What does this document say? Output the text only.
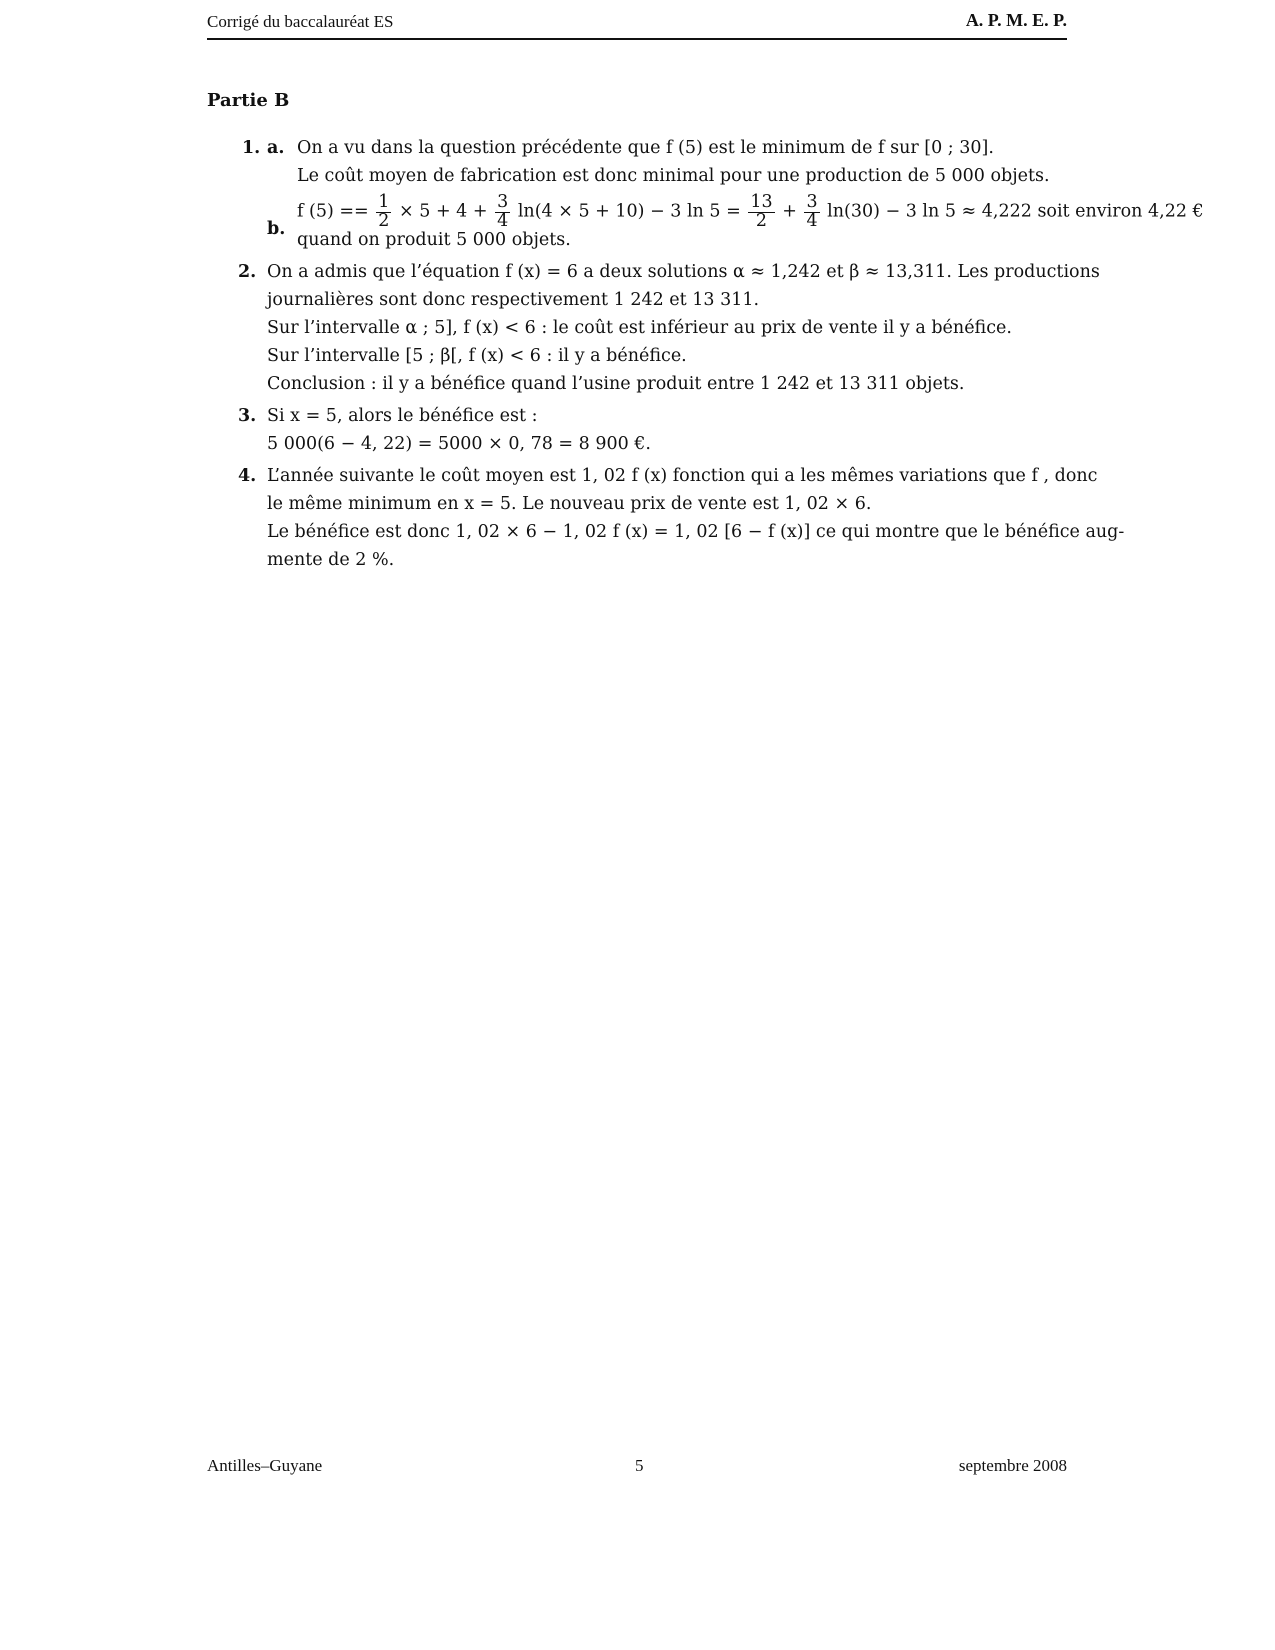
Corrigé du baccalauréat ES	A. P. M. E. P.
Partie B
1. a. On a vu dans la question précédente que f (5) est le minimum de f sur [0 ; 30].
Le coût moyen de fabrication est donc minimal pour une production de 5 000 objets.
b.
f $(5) == \frac{1}{2} \times 5 + 4 + \frac{3}{4} \ln(4 \times 5 + 10) - 3$ $\ln 5 = \frac{13}{2} + \frac{3}{4} \ln(30) - 3$ ln 5 ≈ 4,222 soit environ 4,22 €
quand on produit 5 000 objets.
2. On a admis que l’équation f (x) = 6 a deux solutions α ≈ 1,242 et β ≈ 13,311. Les productions
journalières sont donc respectivement 1 242 et 13 311.
Sur l’intervalle α ; 5], f (x) < 6 : le coût est inférieur au prix de vente il y a bénéfice.
Sur l’intervalle [5 ; β[, f (x) < 6 : il y a bénéfice.
Conclusion : il y a bénéfice quand l’usine produit entre 1 242 et 13 311 objets.
3. Si x = 5, alors le bénéfice est :
5 000(6 − 4, 22) = 5000 × 0, 78 = 8 900 €.
4. L’année suivante le coût moyen est 1, 02 f (x) fonction qui a les mêmes variations que f , donc
le même minimum en x = 5. Le nouveau prix de vente est 1, 02 × 6.
Le bénéfice est donc 1, 02 × 6 − 1, 02 f (x) = 1, 02 [6 − f (x)] ce qui montre que le bénéfice aug-
mente de 2 %.
Antilles–Guyane	5	septembre 2008
